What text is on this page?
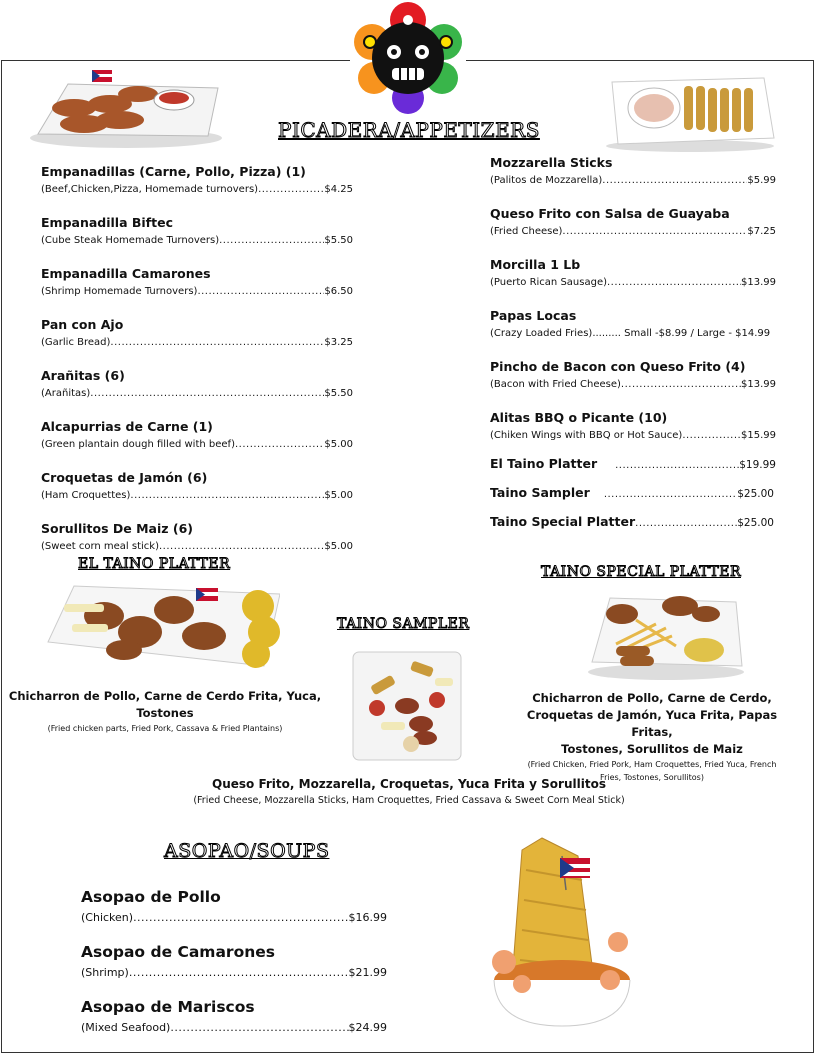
PICADERA/APPETIZERS
Empanadillas (Carne, Pollo, Pizza) (1)
(Beef,Chicken,Pizza, Homemade turnovers) .....	$4.25
Empanadilla Biftec
(Cube Steak Homemade Turnovers) .....	$5.50
Empanadilla Camarones
(Shrimp Homemade Turnovers) .....	$6.50
Pan con Ajo
(Garlic Bread) .....	$3.25
Arañitas (6)
(Arañitas) .....	$5.50
Alcapurrias de Carne (1)
(Green plantain dough filled with beef) .....	$5.00
Croquetas de Jamón (6)
(Ham Croquettes) .....	$5.00
Sorullitos De Maiz (6)
(Sweet corn meal stick) .....	$5.00
Mozzarella Sticks
(Palitos de Mozzarella) .....	$5.99
Queso Frito con Salsa de Guayaba
(Fried Cheese) .....	$7.25
Morcilla 1 Lb
(Puerto Rican Sausage) .....	$13.99
Papas Locas
(Crazy Loaded Fries)......... Small -$8.99 / Large - $14.99
Pincho de Bacon con Queso Frito (4)
(Bacon with Fried Cheese) .....	$13.99
Alitas BBQ o Picante (10)
(Chiken Wings with BBQ or Hot Sauce) .....	$15.99
El Taino Platter .....	$19.99
Taino Sampler .....	$25.00
Taino Special Platter .....	$25.00
EL TAINO PLATTER
TAINO SAMPLER
TAINO SPECIAL PLATTER
Chicharron de Pollo, Carne de Cerdo Frita, Yuca, Tostones
(Fried chicken parts, Fried Pork, Cassava & Fried Plantains)
Chicharron de Pollo, Carne de Cerdo,
Croquetas de Jamón, Yuca Frita, Papas Fritas,
Tostones, Sorullitos de Maiz
(Fried Chicken, Fried Pork, Ham Croquettes, Fried Yuca, French
Fries, Tostones, Sorullitos)
Queso Frito, Mozzarella, Croquetas, Yuca Frita y Sorullitos
(Fried Cheese, Mozzarella Sticks, Ham Croquettes, Fried Cassava & Sweet Corn Meal Stick)
ASOPAO/SOUPS
Asopao de Pollo
(Chicken) .....	$16.99
Asopao de Camarones
(Shrimp) .....	$21.99
Asopao de Mariscos
(Mixed Seafood) .....	$24.99
